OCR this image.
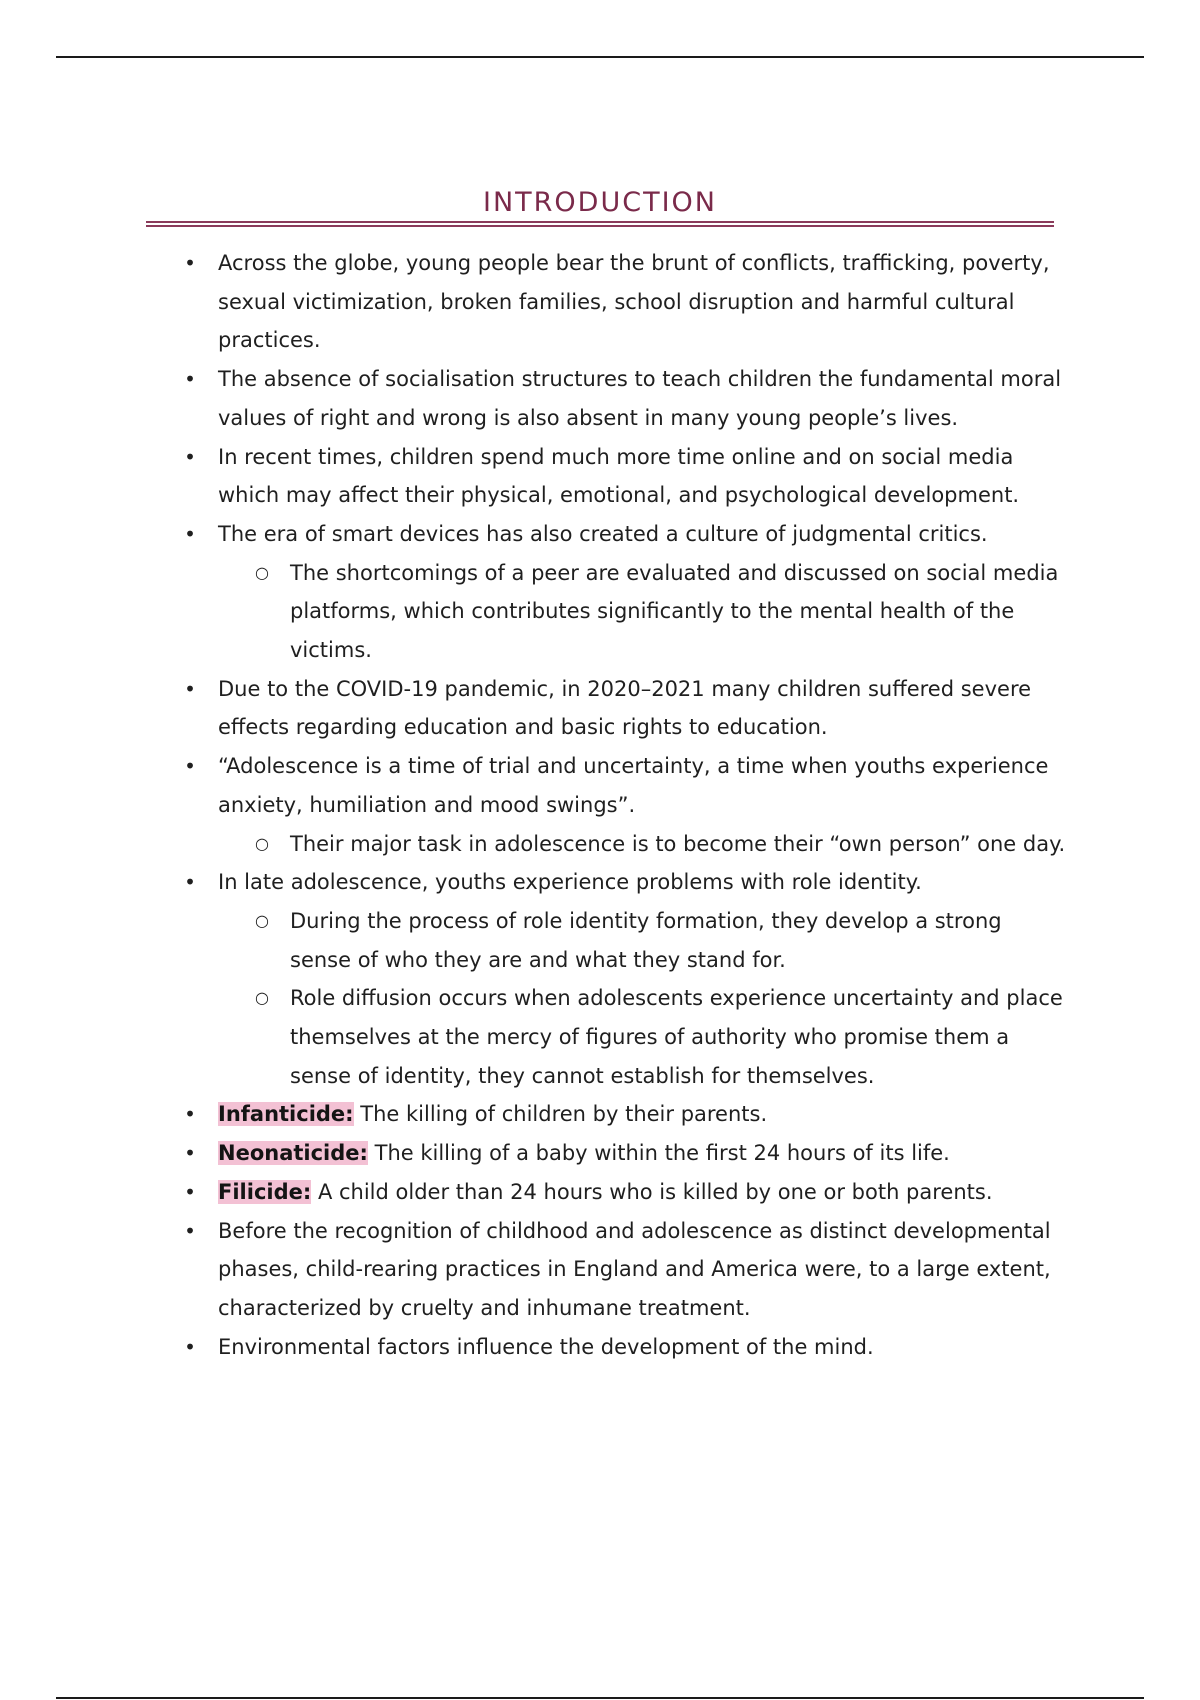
INTRODUCTION
• Across the globe, young people bear the brunt of conflicts, trafficking, poverty, sexual victimization, broken families, school disruption and harmful cultural practices.
• The absence of socialisation structures to teach children the fundamental moral values of right and wrong is also absent in many young people’s lives.
• In recent times, children spend much more time online and on social media which may affect their physical, emotional, and psychological development.
• The era of smart devices has also created a culture of judgmental critics.
○ The shortcomings of a peer are evaluated and discussed on social media platforms, which contributes significantly to the mental health of the victims.
• Due to the COVID-19 pandemic, in 2020–2021 many children suffered severe effects regarding education and basic rights to education.
• “Adolescence is a time of trial and uncertainty, a time when youths experience anxiety, humiliation and mood swings”.
○ Their major task in adolescence is to become their “own person” one day.
• In late adolescence, youths experience problems with role identity.
○ During the process of role identity formation, they develop a strong sense of who they are and what they stand for.
○ Role diffusion occurs when adolescents experience uncertainty and place themselves at the mercy of figures of authority who promise them a sense of identity, they cannot establish for themselves.
• Infanticide: The killing of children by their parents.
• Neonaticide: The killing of a baby within the first 24 hours of its life.
• Filicide: A child older than 24 hours who is killed by one or both parents.
• Before the recognition of childhood and adolescence as distinct developmental phases, child-rearing practices in England and America were, to a large extent, characterized by cruelty and inhumane treatment.
• Environmental factors influence the development of the mind.
